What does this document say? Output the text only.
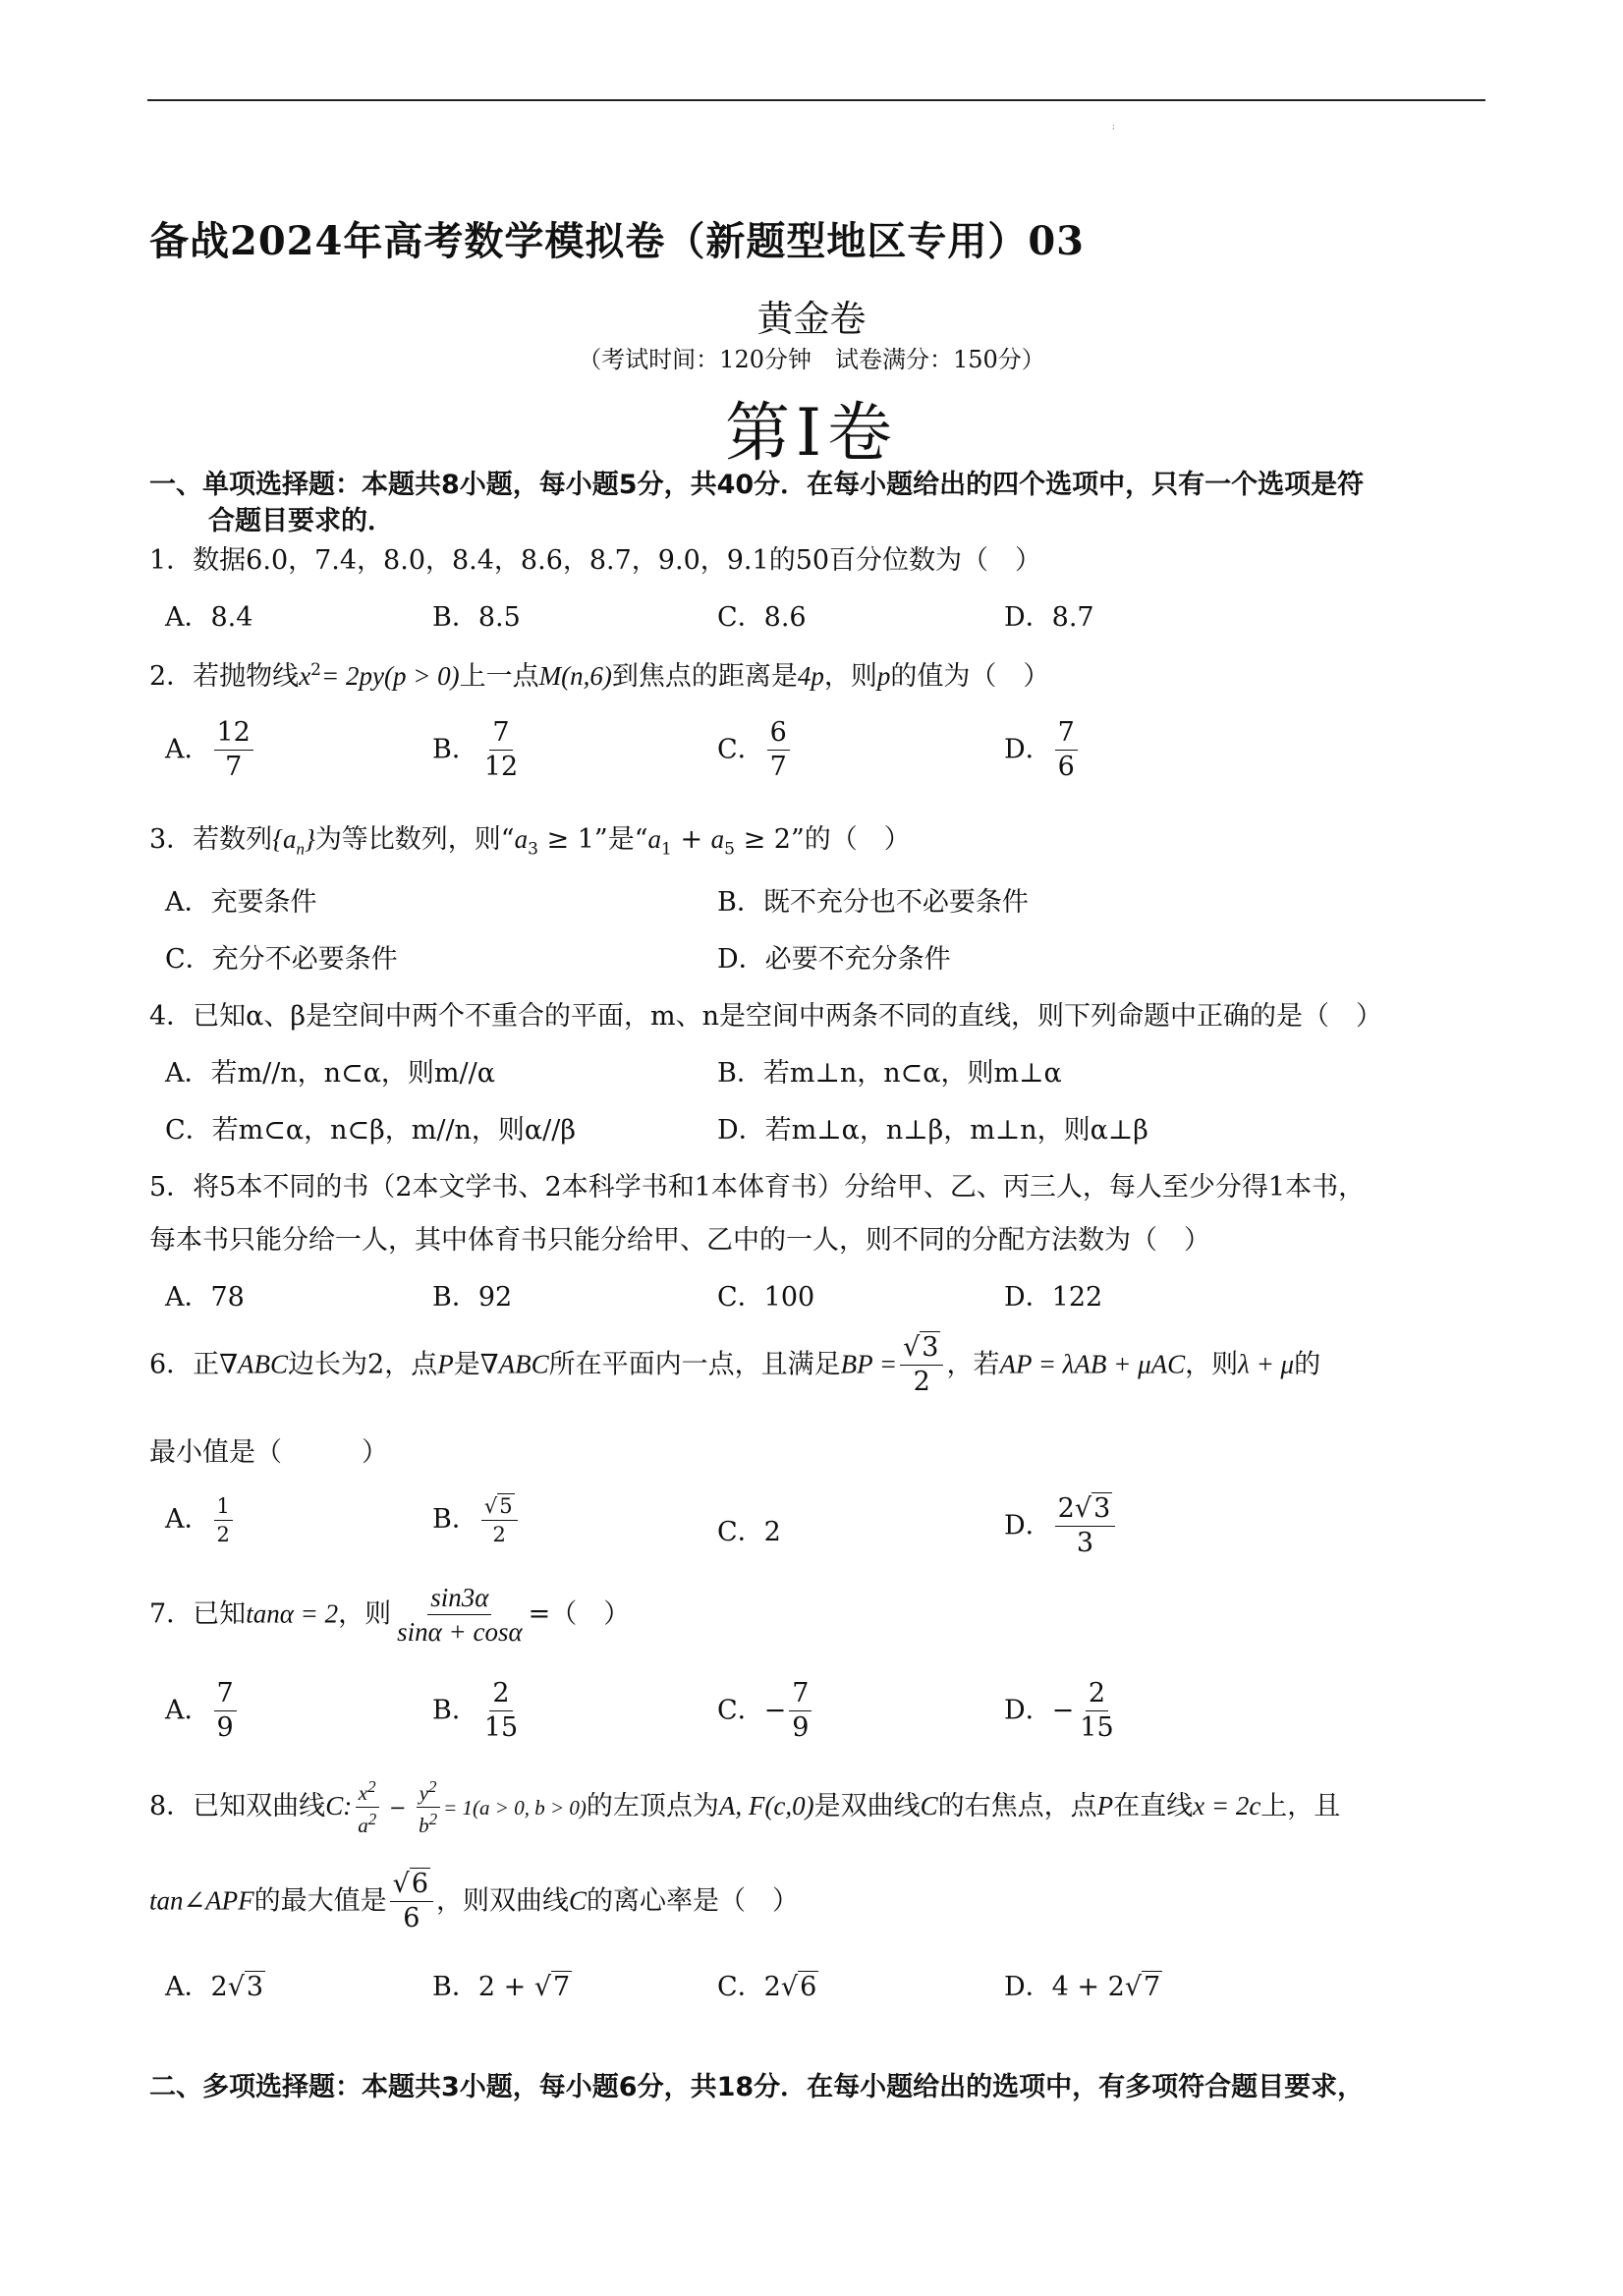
;
备战2024年高考数学模拟卷（新题型地区专用）03
黄金卷
（考试时间：120分钟　试卷满分：150分）
第Ⅰ卷
一、单项选择题：本题共8小题，每小题5分，共40分．在每小题给出的四个选项中，只有一个选项是符
合题目要求的．
1．数据6.0，7.4，8.0，8.4，8.6，8.7，9.0，9.1的50百分位数为（　）
A．8.4	B．8.5	C．8.6	D．8.7
2．若抛物线$x^2= 2py(p > 0)$上一点M(n,6)到焦点的距离是4p，则p的值为（　）
A． $\frac{12}{7}$	B． $\frac{7}{12}$	C． $\frac{6}{7}$	D． $\frac{7}{6}$
3．若数列$\{a_n\}$为等比数列，则“$a_3 \ge 1$”是“$a_1 + a_5 \ge 2$”的（　）
A．充要条件	B．既不充分也不必要条件
C．充分不必要条件	D．必要不充分条件
4．已知α、β是空间中两个不重合的平面，m、n是空间中两条不同的直线，则下列命题中正确的是（　）
A．若m//n，n⊂α，则m//α	B．若m⊥n，n⊂α，则m⊥α
C．若m⊂α，n⊂β，m//n，则α//β	D．若m⊥α，n⊥β，m⊥n，则α⊥β
5．将5本不同的书（2本文学书、2本科学书和1本体育书）分给甲、乙、丙三人，每人至少分得1本书，
每本书只能分给一人，其中体育书只能分给甲、乙中的一人，则不同的分配方法数为（　）
A．78	B．92	C．100	D．122
6．正∇ABC边长为2，点P是∇ABC所在平面内一点，且满足BP = $\frac{√3}{2}$ ，若AP = λAB + μAC，则λ + μ的
最小值是（　　　）
A． $\frac{1}{2}$	B． $\frac{√5}{2}$	C．2	D． $\frac{2√3}{3}$
7．已知tanα = 2，则 $\frac{\sin 3\alpha}{\sin\alpha + \cos\alpha}$ =（　）
A． $\frac{7}{9}$	B． $\frac{2}{15}$	C．− $\frac{7}{9}$	D．− $\frac{2}{15}$
8．已知双曲线C: $\frac{x^2}{a^2} - \frac{y^2}{b^2} = 1(a > 0$, b > 0)的左顶点为A, F(c,0)是双曲线C的右焦点，点P在直线x = 2c上，且
tan∠APF的最大值是 $\frac{√6}{6}$ ，则双曲线C的离心率是（　）
A．2√3	B．2 + √7	C．2√6	D．4 + 2√7
二、多项选择题：本题共3小题，每小题6分，共18分．在每小题给出的选项中，有多项符合题目要求，
